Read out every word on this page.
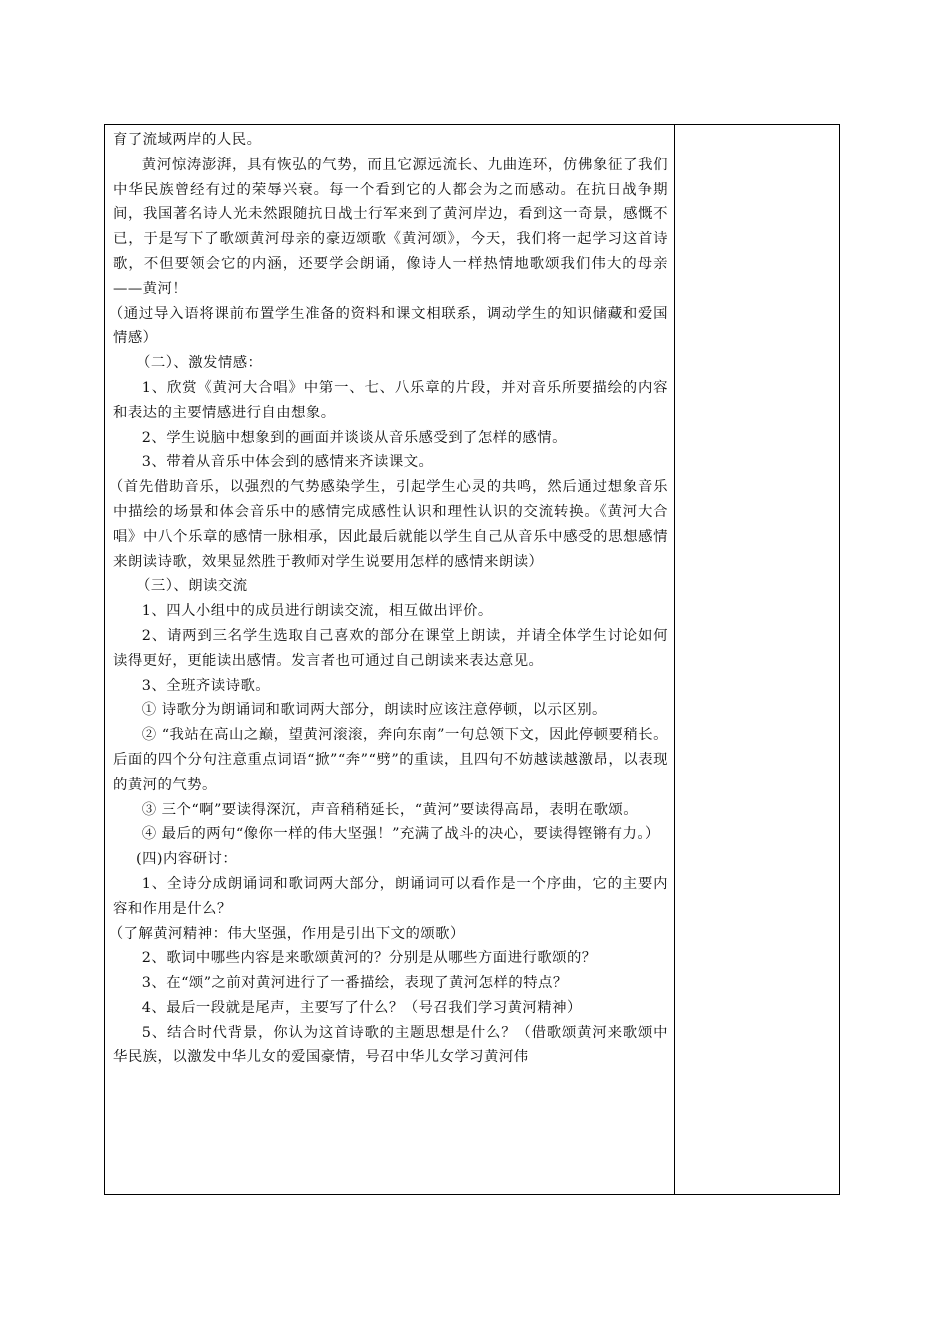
育了流域两岸的人民。

黄河惊涛澎湃，具有恢弘的气势，而且它源远流长、九曲连环，仿佛象征了我们中华民族曾经有过的荣辱兴衰。每一个看到它的人都会为之而感动。在抗日战争期间，我国著名诗人光未然跟随抗日战士行军来到了黄河岸边，看到这一奇景，感慨不已，于是写下了歌颂黄河母亲的豪迈颂歌《黄河颂》，今天，我们将一起学习这首诗歌，不但要领会它的内涵，还要学会朗诵，像诗人一样热情地歌颂我们伟大的母亲——黄河！

（通过导入语将课前布置学生准备的资料和课文相联系，调动学生的知识储藏和爱国情感）

（二）、激发情感：

1、欣赏《黄河大合唱》中第一、七、八乐章的片段，并对音乐所要描绘的内容和表达的主要情感进行自由想象。

2、学生说脑中想象到的画面并谈谈从音乐感受到了怎样的感情。

3、带着从音乐中体会到的感情来齐读课文。

（首先借助音乐，以强烈的气势感染学生，引起学生心灵的共鸣，然后通过想象音乐中描绘的场景和体会音乐中的感情完成感性认识和理性认识的交流转换。《黄河大合唱》中八个乐章的感情一脉相承，因此最后就能以学生自己从音乐中感受的思想感情来朗读诗歌，效果显然胜于教师对学生说要用怎样的感情来朗读）

（三）、朗读交流

1、四人小组中的成员进行朗读交流，相互做出评价。

2、请两到三名学生选取自己喜欢的部分在课堂上朗读，并请全体学生讨论如何读得更好，更能读出感情。发言者也可通过自己朗读来表达意见。

3、全班齐读诗歌。

① 诗歌分为朗诵词和歌词两大部分，朗读时应该注意停顿，以示区别。

② “我站在高山之巅，望黄河滚滚，奔向东南”一句总领下文，因此停顿要稍长。后面的四个分句注意重点词语“掀”“奔”“劈”的重读，且四句不妨越读越激昂，以表现的黄河的气势。

③ 三个“啊”要读得深沉，声音稍稍延长，“黄河”要读得高昂，表明在歌颂。

④ 最后的两句“像你一样的伟大坚强！”充满了战斗的决心，要读得铿锵有力。）

(四)内容研讨：

1、全诗分成朗诵词和歌词两大部分，朗诵词可以看作是一个序曲，它的主要内容和作用是什么？

（了解黄河精神：伟大坚强，作用是引出下文的颂歌）

2、歌词中哪些内容是来歌颂黄河的？分别是从哪些方面进行歌颂的？

3、在“颂”之前对黄河进行了一番描绘，表现了黄河怎样的特点？

4、最后一段就是尾声，主要写了什么？（号召我们学习黄河精神）

5、结合时代背景，你认为这首诗歌的主题思想是什么？（借歌颂黄河来歌颂中华民族，以激发中华儿女的爱国豪情，号召中华儿女学习黄河伟
